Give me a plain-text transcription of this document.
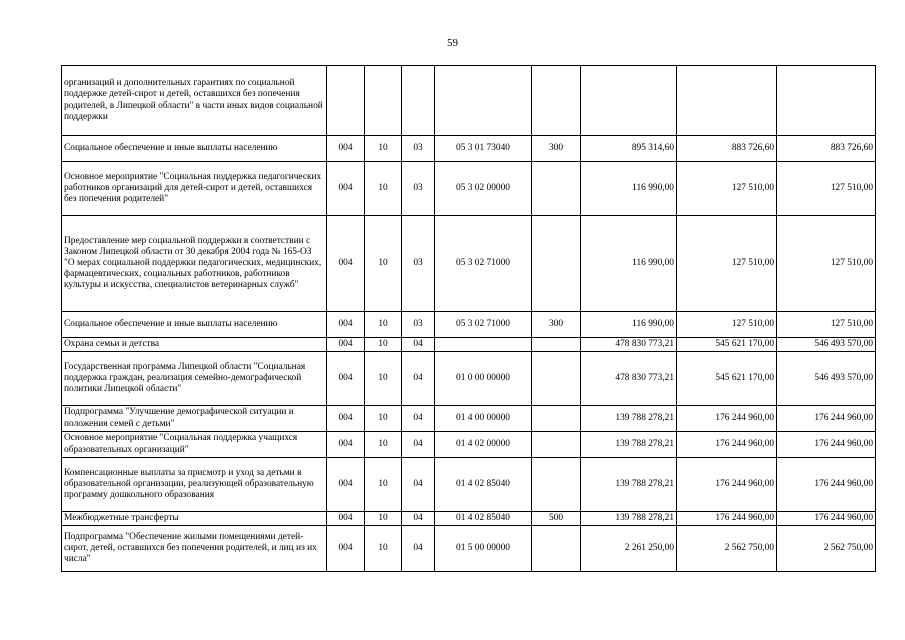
59
организаций и дополнительных гарантиях по социальной поддержке детей-сирот и детей, оставшихся без попечения родителей, в Липецкой области" в части иных видов социальной поддержки								
Социальное обеспечение и иные выплаты населению	004	10	03	05 3 01 73040	300	895 314,60	883 726,60	883 726,60
Основное мероприятие "Социальная поддержка педагогических работников организаций для детей-сирот и детей, оставшихся без попечения родителей"	004	10	03	05 3 02 00000		116 990,00	127 510,00	127 510,00
Предоставление мер социальной поддержки в соответствии с Законом Липецкой области от 30 декабря 2004 года № 165-ОЗ "О мерах социальной поддержки педагогических, медицинских, фармацевтических, социальных работников, работников культуры и искусства, специалистов ветеринарных служб"	004	10	03	05 3 02 71000		116 990,00	127 510,00	127 510,00
Социальное обеспечение и иные выплаты населению	004	10	03	05 3 02 71000	300	116 990,00	127 510,00	127 510,00
Охрана семьи и детства	004	10	04			478 830 773,21	545 621 170,00	546 493 570,00
Государственная программа Липецкой области "Социальная поддержка граждан, реализация семейно-демографической политики Липецкой области"	004	10	04	01 0 00 00000		478 830 773,21	545 621 170,00	546 493 570,00
Подпрограмма "Улучшение демографической ситуации и положения семей с детьми"	004	10	04	01 4 00 00000		139 788 278,21	176 244 960,00	176 244 960,00
Основное мероприятие "Социальная поддержка учащихся образовательных организаций"	004	10	04	01 4 02 00000		139 788 278,21	176 244 960,00	176 244 960,00
Компенсационные выплаты за присмотр и уход за детьми в образовательной организации, реализующей образовательную программу дошкольного образования	004	10	04	01 4 02 85040		139 788 278,21	176 244 960,00	176 244 960,00
Межбюджетные трансферты	004	10	04	01 4 02 85040	500	139 788 278,21	176 244 960,00	176 244 960,00
Подпрограмма "Обеспечение жилыми помещениями детей-сирот, детей, оставшихся без попечения родителей, и лиц из их числа"	004	10	04	01 5 00 00000		2 261 250,00	2 562 750,00	2 562 750,00
